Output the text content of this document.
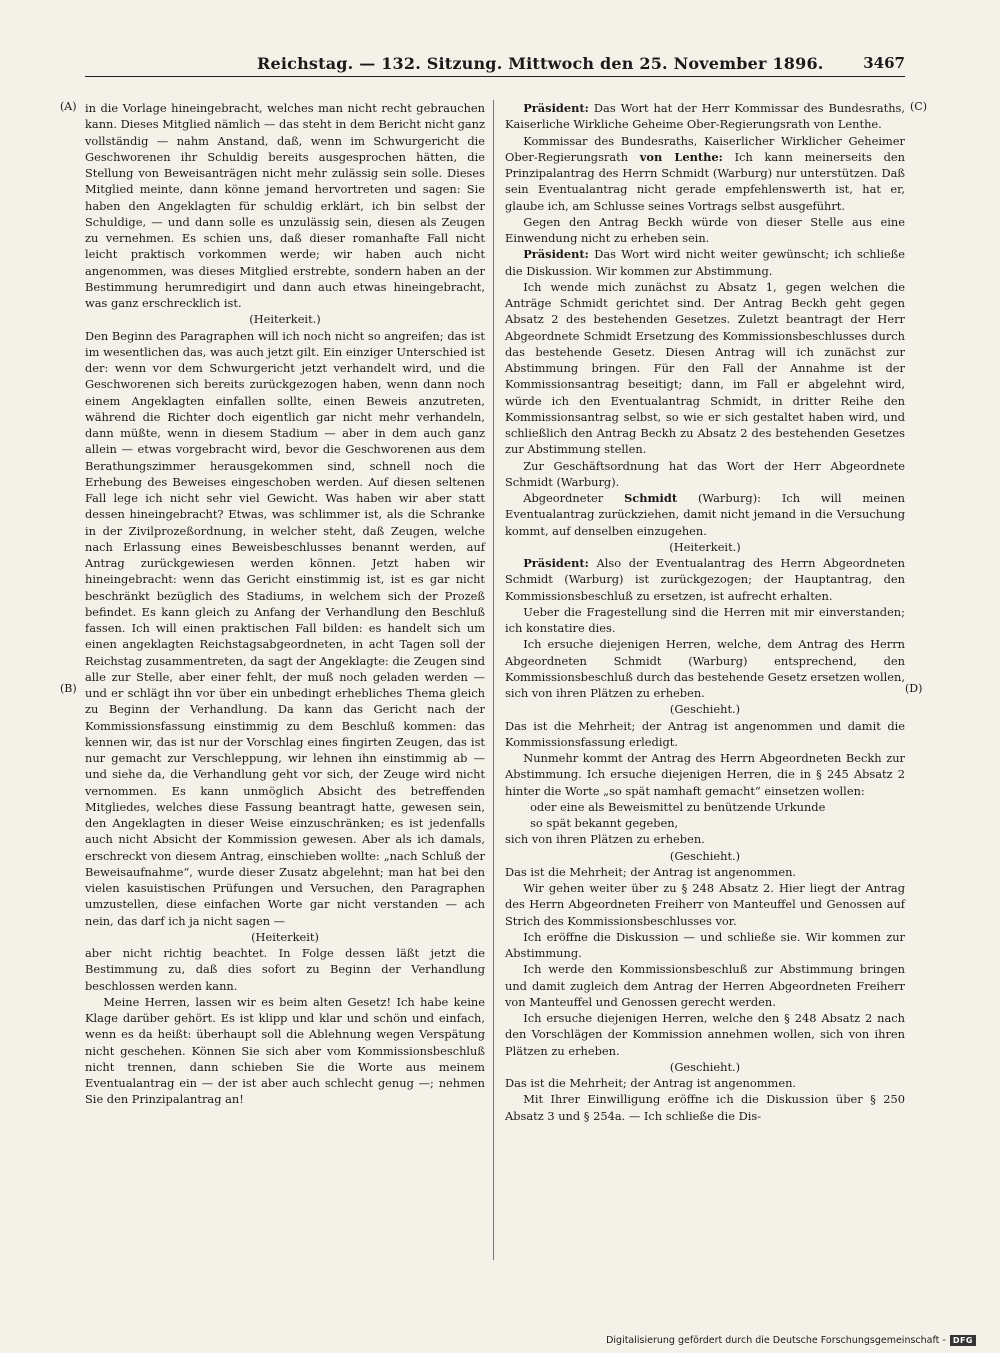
Reichstag. — 132. Sitzung. Mittwoch den 25. November 1896.	3467
(A)
(B)
(C)
(D)

in die Vorlage hineingebracht, welches man nicht recht gebrauchen kann. Dieses Mitglied nämlich — das steht in dem Bericht nicht ganz vollständig — nahm Anstand, daß, wenn im Schwurgericht die Geschworenen ihr Schuldig bereits ausgesprochen hätten, die Stellung von Beweisanträgen nicht mehr zulässig sein solle. Dieses Mitglied meinte, dann könne jemand hervortreten und sagen: Sie haben den Angeklagten für schuldig erklärt, ich bin selbst der Schuldige, — und dann solle es unzulässig sein, diesen als Zeugen zu vernehmen. Es schien uns, daß dieser romanhafte Fall nicht leicht praktisch vorkommen werde; wir haben auch nicht angenommen, was dieses Mitglied erstrebte, sondern haben an der Bestimmung herumredigirt und dann auch etwas hineingebracht, was ganz erschrecklich ist.

(Heiterkeit.)

Den Beginn des Paragraphen will ich noch nicht so angreifen; das ist im wesentlichen das, was auch jetzt gilt. Ein einziger Unterschied ist der: wenn vor dem Schwurgericht jetzt verhandelt wird, und die Geschworenen sich bereits zurückgezogen haben, wenn dann noch einem Angeklagten einfallen sollte, einen Beweis anzutreten, während die Richter doch eigentlich gar nicht mehr verhandeln, dann müßte, wenn in diesem Stadium — aber in dem auch ganz allein — etwas vorgebracht wird, bevor die Geschworenen aus dem Berathungszimmer herausgekommen sind, schnell noch die Erhebung des Beweises eingeschoben werden. Auf diesen seltenen Fall lege ich nicht sehr viel Gewicht. Was haben wir aber statt dessen hineingebracht? Etwas, was schlimmer ist, als die Schranke in der Zivilprozeßordnung, in welcher steht, daß Zeugen, welche nach Erlassung eines Beweisbeschlusses benannt werden, auf Antrag zurückgewiesen werden können. Jetzt haben wir hineingebracht: wenn das Gericht einstimmig ist, ist es gar nicht beschränkt bezüglich des Stadiums, in welchem sich der Prozeß befindet. Es kann gleich zu Anfang der Verhandlung den Beschluß fassen. Ich will einen praktischen Fall bilden: es handelt sich um einen angeklagten Reichstagsabgeordneten, in acht Tagen soll der Reichstag zusammentreten, da sagt der Angeklagte: die Zeugen sind alle zur Stelle, aber einer fehlt, der muß noch geladen werden — und er schlägt ihn vor über ein unbedingt erhebliches Thema gleich zu Beginn der Verhandlung. Da kann das Gericht nach der Kommissionsfassung einstimmig zu dem Beschluß kommen: das kennen wir, das ist nur der Vorschlag eines fingirten Zeugen, das ist nur gemacht zur Verschleppung, wir lehnen ihn einstimmig ab — und siehe da, die Verhandlung geht vor sich, der Zeuge wird nicht vernommen. Es kann unmöglich Absicht des betreffenden Mitgliedes, welches diese Fassung beantragt hatte, gewesen sein, den Angeklagten in dieser Weise einzuschränken; es ist jedenfalls auch nicht Absicht der Kommission gewesen. Aber als ich damals, erschreckt von diesem Antrag, einschieben wollte: „nach Schluß der Beweisaufnahme“, wurde dieser Zusatz abgelehnt; man hat bei den vielen kasuistischen Prüfungen und Versuchen, den Paragraphen umzustellen, diese einfachen Worte gar nicht verstanden — ach nein, das darf ich ja nicht sagen —

(Heiterkeit)

aber nicht richtig beachtet. In Folge dessen läßt jetzt die Bestimmung zu, daß dies sofort zu Beginn der Verhandlung beschlossen werden kann.

Meine Herren, lassen wir es beim alten Gesetz! Ich habe keine Klage darüber gehört. Es ist klipp und klar und schön und einfach, wenn es da heißt: überhaupt soll die Ablehnung wegen Verspätung nicht geschehen. Können Sie sich aber vom Kommissionsbeschluß nicht trennen, dann schieben Sie die Worte aus meinem Eventualantrag ein — der ist aber auch schlecht genug —; nehmen Sie den Prinzipalantrag an!

Präsident: Das Wort hat der Herr Kommissar des Bundesraths, Kaiserliche Wirkliche Geheime Ober-Regierungsrath von Lenthe.

Kommissar des Bundesraths, Kaiserlicher Wirklicher Geheimer Ober-Regierungsrath von Lenthe: Ich kann meinerseits den Prinzipalantrag des Herrn Schmidt (Warburg) nur unterstützen. Daß sein Eventualantrag nicht gerade empfehlenswerth ist, hat er, glaube ich, am Schlusse seines Vortrags selbst ausgeführt.

Gegen den Antrag Beckh würde von dieser Stelle aus eine Einwendung nicht zu erheben sein.

Präsident: Das Wort wird nicht weiter gewünscht; ich schließe die Diskussion. Wir kommen zur Abstimmung.

Ich wende mich zunächst zu Absatz 1, gegen welchen die Anträge Schmidt gerichtet sind. Der Antrag Beckh geht gegen Absatz 2 des bestehenden Gesetzes. Zuletzt beantragt der Herr Abgeordnete Schmidt Ersetzung des Kommissionsbeschlusses durch das bestehende Gesetz. Diesen Antrag will ich zunächst zur Abstimmung bringen. Für den Fall der Annahme ist der Kommissionsantrag beseitigt; dann, im Fall er abgelehnt wird, würde ich den Eventualantrag Schmidt, in dritter Reihe den Kommissionsantrag selbst, so wie er sich gestaltet haben wird, und schließlich den Antrag Beckh zu Absatz 2 des bestehenden Gesetzes zur Abstimmung stellen.

Zur Geschäftsordnung hat das Wort der Herr Abgeordnete Schmidt (Warburg).

Abgeordneter Schmidt (Warburg): Ich will meinen Eventualantrag zurückziehen, damit nicht jemand in die Versuchung kommt, auf denselben einzugehen.

(Heiterkeit.)

Präsident: Also der Eventualantrag des Herrn Abgeordneten Schmidt (Warburg) ist zurückgezogen; der Hauptantrag, den Kommissionsbeschluß zu ersetzen, ist aufrecht erhalten.

Ueber die Fragestellung sind die Herren mit mir einverstanden; ich konstatire dies.

Ich ersuche diejenigen Herren, welche, dem Antrag des Herrn Abgeordneten Schmidt (Warburg) entsprechend, den Kommissionsbeschluß durch das bestehende Gesetz ersetzen wollen, sich von ihren Plätzen zu erheben.

(Geschieht.)

Das ist die Mehrheit; der Antrag ist angenommen und damit die Kommissionsfassung erledigt.

Nunmehr kommt der Antrag des Herrn Abgeordneten Beckh zur Abstimmung. Ich ersuche diejenigen Herren, die in § 245 Absatz 2 hinter die Worte „so spät namhaft gemacht“ einsetzen wollen:

oder eine als Beweismittel zu benützende Urkunde

so spät bekannt gegeben,

sich von ihren Plätzen zu erheben.

(Geschieht.)

Das ist die Mehrheit; der Antrag ist angenommen.

Wir gehen weiter über zu § 248 Absatz 2. Hier liegt der Antrag des Herrn Abgeordneten Freiherr von Manteuffel und Genossen auf Strich des Kommissionsbeschlusses vor.

Ich eröffne die Diskussion — und schließe sie. Wir kommen zur Abstimmung.

Ich werde den Kommissionsbeschluß zur Abstimmung bringen und damit zugleich dem Antrag der Herren Abgeordneten Freiherr von Manteuffel und Genossen gerecht werden.

Ich ersuche diejenigen Herren, welche den § 248 Absatz 2 nach den Vorschlägen der Kommission annehmen wollen, sich von ihren Plätzen zu erheben.

(Geschieht.)

Das ist die Mehrheit; der Antrag ist angenommen.

Mit Ihrer Einwilligung eröffne ich die Diskussion über § 250 Absatz 3 und § 254a. — Ich schließe die Dis-

Digitalisierung gefördert durch die Deutsche Forschungsgemeinschaft - DFG
